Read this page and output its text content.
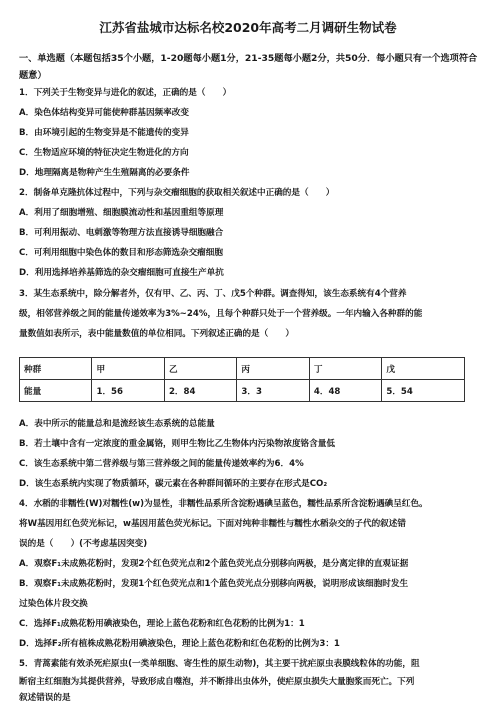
江苏省盐城市达标名校2020年高考二月调研生物试卷
一、单选题（本题包括35个小题，1-20题每小题1分，21-35题每小题2分，共50分．每小题只有一个选项符合题意）
1．下列关于生物变异与进化的叙述，正确的是（　　）
A．染色体结构变异可能使种群基因频率改变
B．由环境引起的生物变异是不能遗传的变异
C．生物适应环境的特征决定生物进化的方向
D．地理隔离是物种产生生殖隔离的必要条件
2．制备单克隆抗体过程中，下列与杂交瘤细胞的获取相关叙述中正确的是（　　）
A．利用了细胞增殖、细胞膜流动性和基因重组等原理
B．可利用振动、电刺激等物理方法直接诱导细胞融合
C．可利用细胞中染色体的数目和形态筛选杂交瘤细胞
D．利用选择培养基筛选的杂交瘤细胞可直接生产单抗
3．某生态系统中，除分解者外，仅有甲、乙、丙、丁、戊5个种群。调查得知，该生态系统有4个营养
级，相邻营养级之间的能量传递效率为3%~24%，且每个种群只处于一个营养级。一年内输入各种群的能
量数值如表所示，表中能量数值的单位相同。下列叙述正确的是（　　）
种群	甲	乙	丙	丁	戊
能量	1．56	2．84	3．3	4．48	5．54
A．表中所示的能量总和是流经该生态系统的总能量
B．若土壤中含有一定浓度的重金属铬，则甲生物比乙生物体内污染物浓度铬含量低
C．该生态系统中第二营养级与第三营养级之间的能量传递效率约为6．4%
D．该生态系统内实现了物质循环，碳元素在各种群间循环的主要存在形式是CO₂
4．水稻的非糯性(W)对糯性(w)为显性，非糯性品系所含淀粉遇碘呈蓝色，糯性品系所含淀粉遇碘呈红色。
将W基因用红色荧光标记，w基因用蓝色荧光标记。下面对纯种非糯性与糯性水稻杂交的子代的叙述错
误的是（　　）(不考虑基因突变)
A．观察F₁未成熟花粉时，发现2个红色荧光点和2个蓝色荧光点分别移向两极，是分离定律的直观证据
B．观察F₁未成熟花粉时，发现1个红色荧光点和1个蓝色荧光点分别移向两极，说明形成该细胞时发生
过染色体片段交换
C．选择F₁成熟花粉用碘液染色，理论上蓝色花粉和红色花粉的比例为1：1
D．选择F₂所有植株成熟花粉用碘液染色，理论上蓝色花粉和红色花粉的比例为3：1
5．青蒿素能有效杀死疟原虫(一类单细胞、寄生性的原生动物)，其主要干扰疟原虫表膜线粒体的功能，阻
断宿主红细胞为其提供营养，导致形成自噬泡，并不断排出虫体外，使疟原虫损失大量胞浆而死亡。下列
叙述错误的是
